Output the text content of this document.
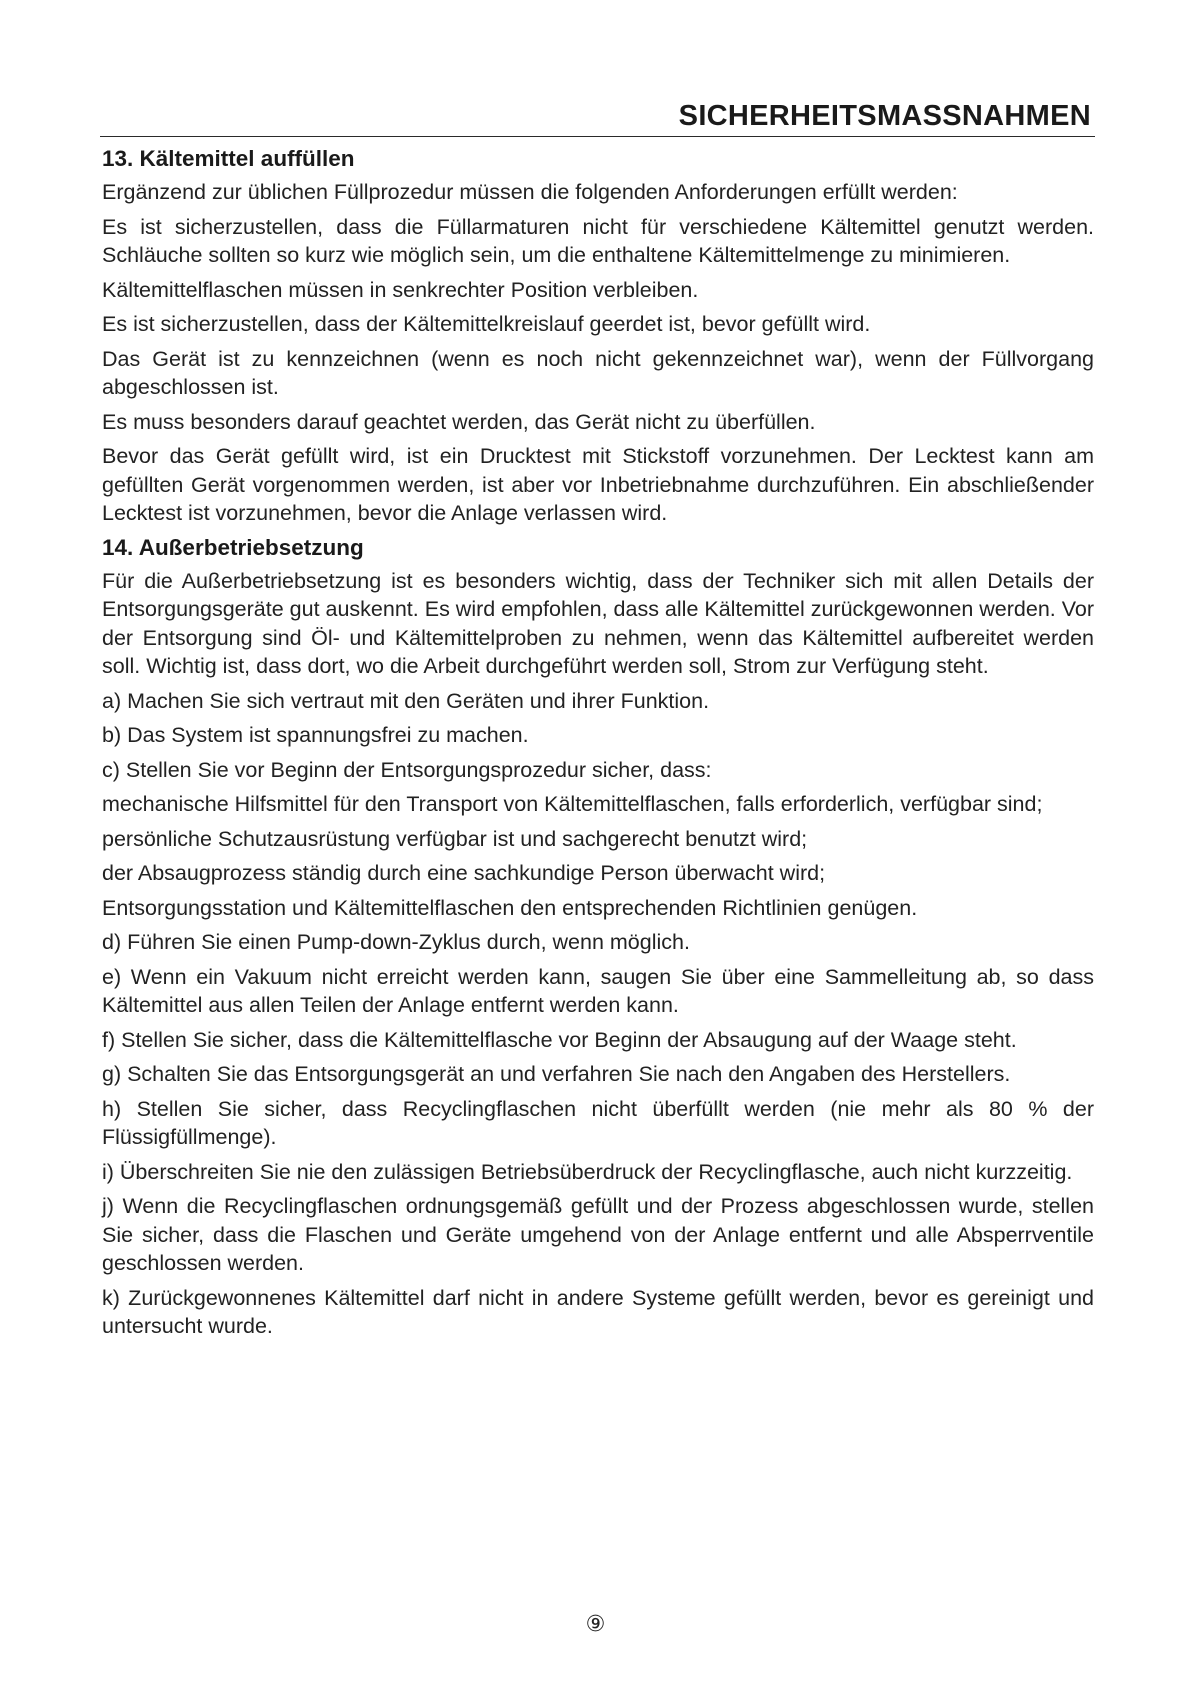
SICHERHEITSMASSNAHMEN
13. Kältemittel auffüllen

Ergänzend zur üblichen Füllprozedur müssen die folgenden Anforderungen erfüllt werden:

Es ist sicherzustellen, dass die Füllarmaturen nicht für verschiedene Kältemittel genutzt werden. Schläuche sollten so kurz wie möglich sein, um die enthaltene Kältemittelmenge zu minimieren.

Kältemittelflaschen müssen in senkrechter Position verbleiben.

Es ist sicherzustellen, dass der Kältemittelkreislauf geerdet ist, bevor gefüllt wird.

Das Gerät ist zu kennzeichnen (wenn es noch nicht gekennzeichnet war), wenn der Füllvorgang abgeschlossen ist.

Es muss besonders darauf geachtet werden, das Gerät nicht zu überfüllen.

Bevor das Gerät gefüllt wird, ist ein Drucktest mit Stickstoff vorzunehmen. Der Lecktest kann am gefüllten Gerät vorgenommen werden, ist aber vor Inbetriebnahme durchzuführen. Ein abschließender Lecktest ist vorzunehmen, bevor die Anlage verlassen wird.

14. Außerbetriebsetzung

Für die Außerbetriebsetzung ist es besonders wichtig, dass der Techniker sich mit allen Details der Entsorgungsgeräte gut auskennt. Es wird empfohlen, dass alle Kältemittel zurückgewonnen werden. Vor der Entsorgung sind Öl- und Kältemittelproben zu nehmen, wenn das Kältemittel aufbereitet werden soll. Wichtig ist, dass dort, wo die Arbeit durchgeführt werden soll, Strom zur Verfügung steht.

a) Machen Sie sich vertraut mit den Geräten und ihrer Funktion.

b) Das System ist spannungsfrei zu machen.

c) Stellen Sie vor Beginn der Entsorgungsprozedur sicher, dass:

mechanische Hilfsmittel für den Transport von Kältemittelflaschen, falls erforderlich, verfügbar sind;

persönliche Schutzausrüstung verfügbar ist und sachgerecht benutzt wird;

der Absaugprozess ständig durch eine sachkundige Person überwacht wird;

Entsorgungsstation und Kältemittelflaschen den entsprechenden Richtlinien genügen.

d) Führen Sie einen Pump-down-Zyklus durch, wenn möglich.

e) Wenn ein Vakuum nicht erreicht werden kann, saugen Sie über eine Sammelleitung ab, so dass Kältemittel aus allen Teilen der Anlage entfernt werden kann.

f) Stellen Sie sicher, dass die Kältemittelflasche vor Beginn der Absaugung auf der Waage steht.

g) Schalten Sie das Entsorgungsgerät an und verfahren Sie nach den Angaben des Herstellers.

h) Stellen Sie sicher, dass Recyclingflaschen nicht überfüllt werden (nie mehr als 80 % der Flüssigfüllmenge).

i) Überschreiten Sie nie den zulässigen Betriebsüberdruck der Recyclingflasche, auch nicht kurzzeitig.

j) Wenn die Recyclingflaschen ordnungsgemäß gefüllt und der Prozess abgeschlossen wurde, stellen Sie sicher, dass die Flaschen und Geräte umgehend von der Anlage entfernt und alle Absperrventile geschlossen werden.

k) Zurückgewonnenes Kältemittel darf nicht in andere Systeme gefüllt werden, bevor es gereinigt und untersucht wurde.

⑨
